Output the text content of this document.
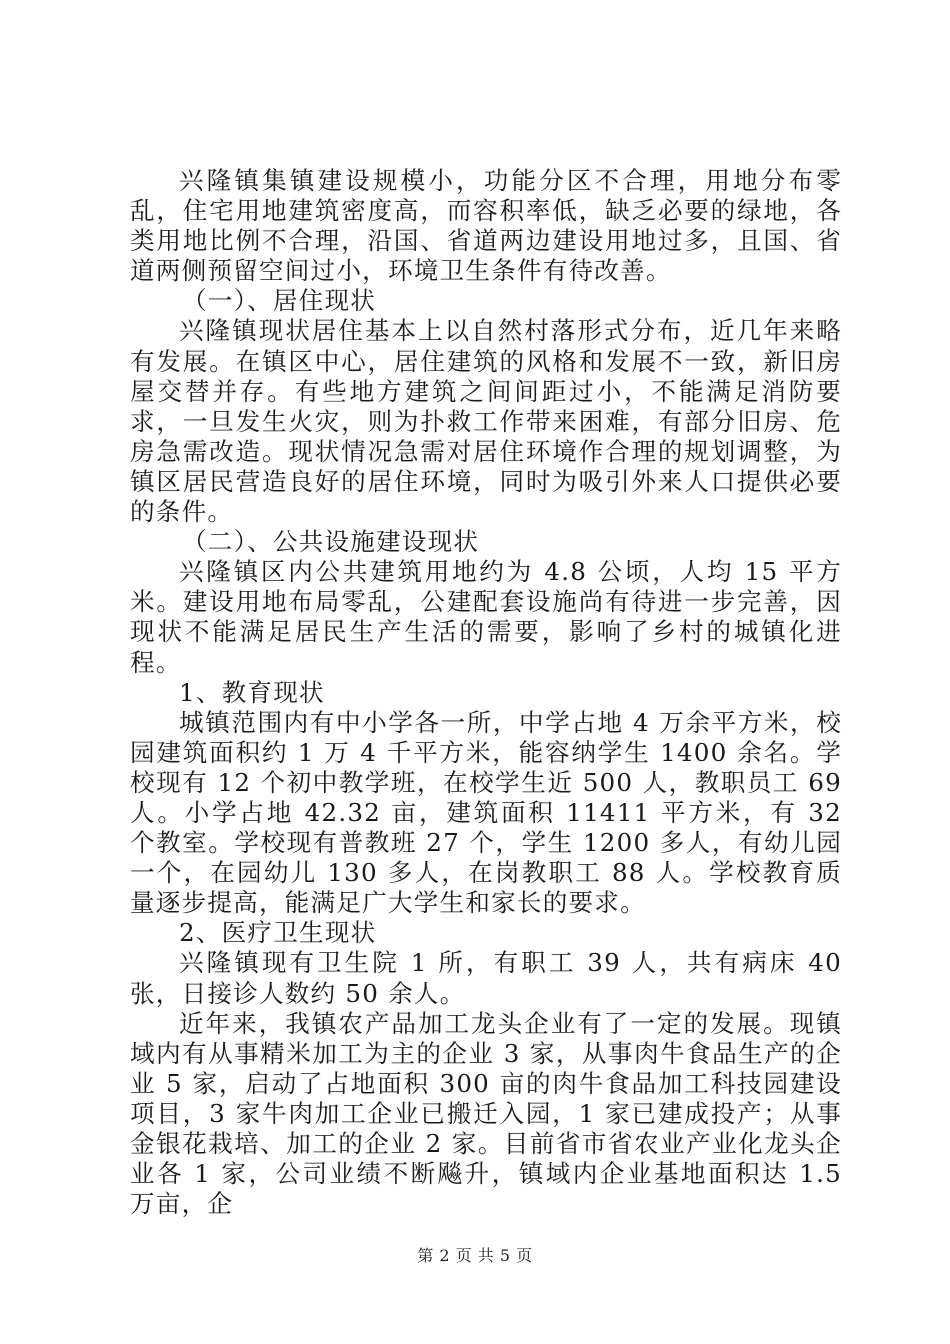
兴隆镇集镇建设规模小，功能分区不合理，用地分布零乱，住宅用地建筑密度高，而容积率低，缺乏必要的绿地，各类用地比例不合理，沿国、省道两边建设用地过多，且国、省道两侧预留空间过小，环境卫生条件有待改善。

（一）、居住现状

兴隆镇现状居住基本上以自然村落形式分布，近几年来略有发展。在镇区中心，居住建筑的风格和发展不一致，新旧房屋交替并存。有些地方建筑之间间距过小，不能满足消防要求，一旦发生火灾，则为扑救工作带来困难，有部分旧房、危房急需改造。现状情况急需对居住环境作合理的规划调整，为镇区居民营造良好的居住环境，同时为吸引外来人口提供必要的条件。

（二）、公共设施建设现状

兴隆镇区内公共建筑用地约为 4.8 公顷，人均 15 平方米。建设用地布局零乱，公建配套设施尚有待进一步完善，因现状不能满足居民生产生活的需要，影响了乡村的城镇化进程。

1、教育现状

城镇范围内有中小学各一所，中学占地 4 万余平方米，校园建筑面积约 1 万 4 千平方米，能容纳学生 1400 余名。学校现有 12 个初中教学班，在校学生近 500 人，教职员工 69 人。小学占地 42.32 亩，建筑面积 11411 平方米，有 32 个教室。学校现有普教班 27 个，学生 1200 多人，有幼儿园一个，在园幼儿 130 多人，在岗教职工 88 人。学校教育质量逐步提高，能满足广大学生和家长的要求。

2、医疗卫生现状

兴隆镇现有卫生院 1 所，有职工 39 人，共有病床 40 张，日接诊人数约 50 余人。

近年来，我镇农产品加工龙头企业有了一定的发展。现镇域内有从事精米加工为主的企业 3 家，从事肉牛食品生产的企业 5 家，启动了占地面积 300 亩的肉牛食品加工科技园建设项目，3 家牛肉加工企业已搬迁入园，1 家已建成投产；从事金银花栽培、加工的企业 2 家。目前省市省农业产业化龙头企业各 1 家，公司业绩不断飚升，镇域内企业基地面积达 1.5 万亩，企

第 2 页 共 5 页
